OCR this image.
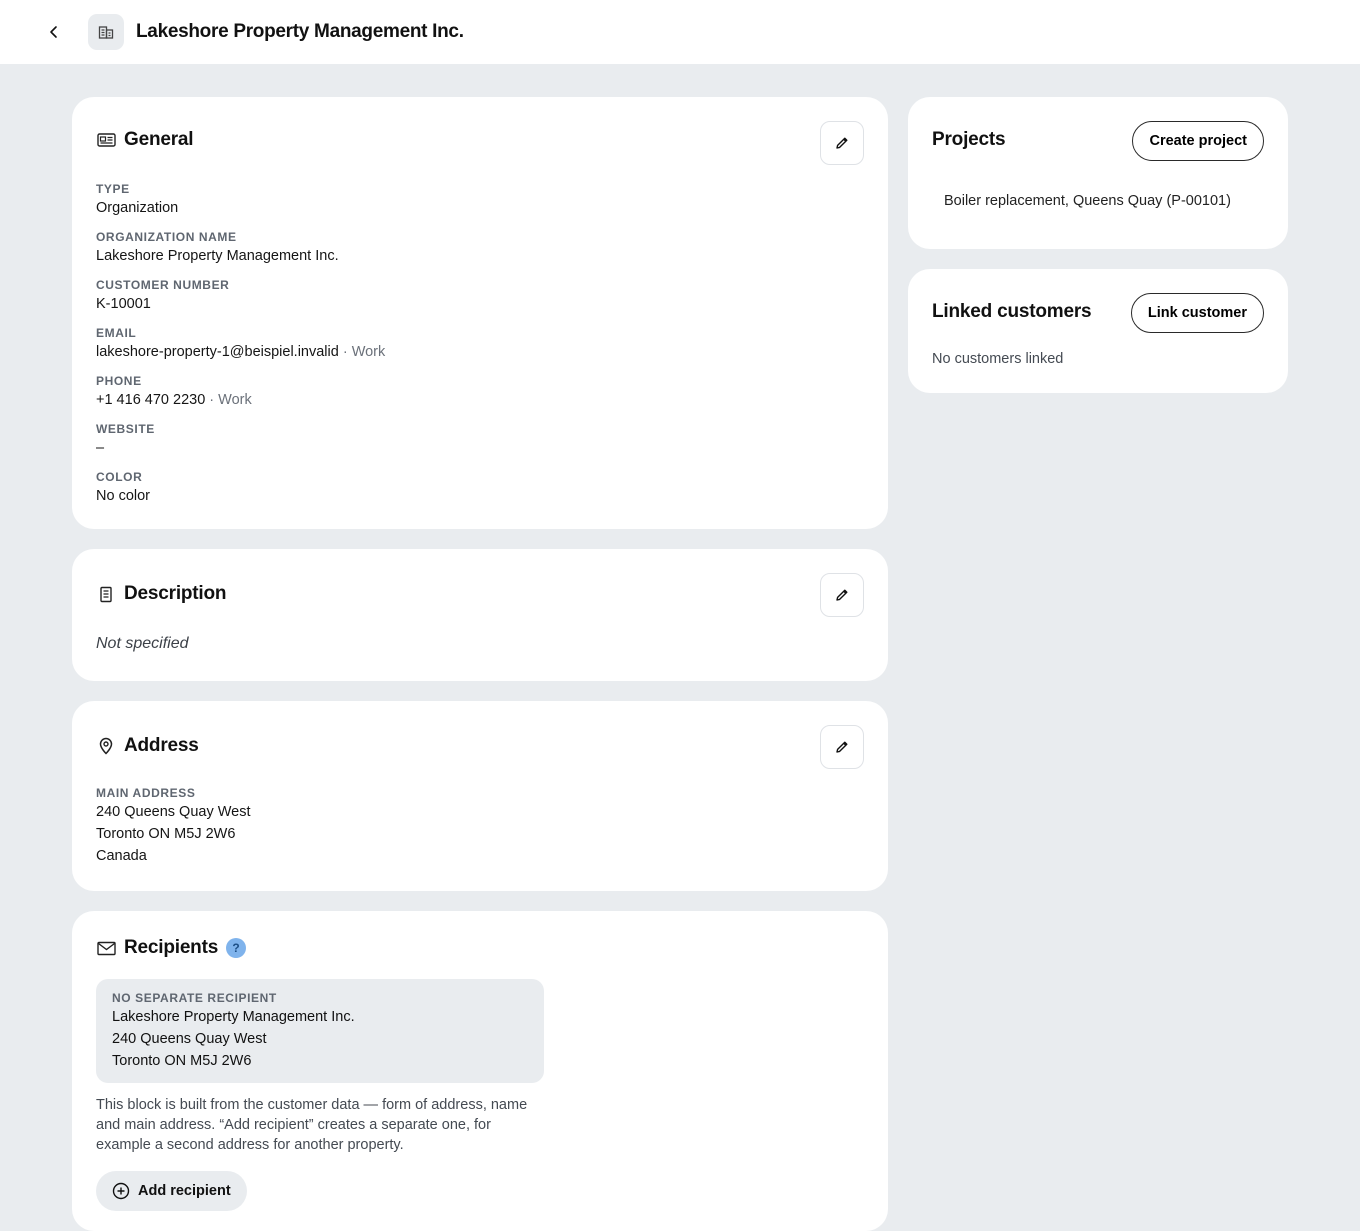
Lakeshore Property Management Inc.
General
TYPE
Organization
ORGANIZATION NAME
Lakeshore Property Management Inc.
CUSTOMER NUMBER
K-10001
EMAIL
lakeshore-property-1@beispiel.invalid · Work
PHONE
+1 416 470 2230 · Work
WEBSITE
–
COLOR
No color
Description
Not specified
Address
MAIN ADDRESS
240 Queens Quay West
Toronto ON M5J 2W6
Canada
Recipients	?
NO SEPARATE RECIPIENT
Lakeshore Property Management Inc.
240 Queens Quay West
Toronto ON M5J 2W6
This block is built from the customer data — form of address, name and main address. “Add recipient” creates a separate one, for example a second address for another property.
Add recipient
Projects	Create project
Boiler replacement, Queens Quay (P-00101)
Linked customers	Link customer
No customers linked
